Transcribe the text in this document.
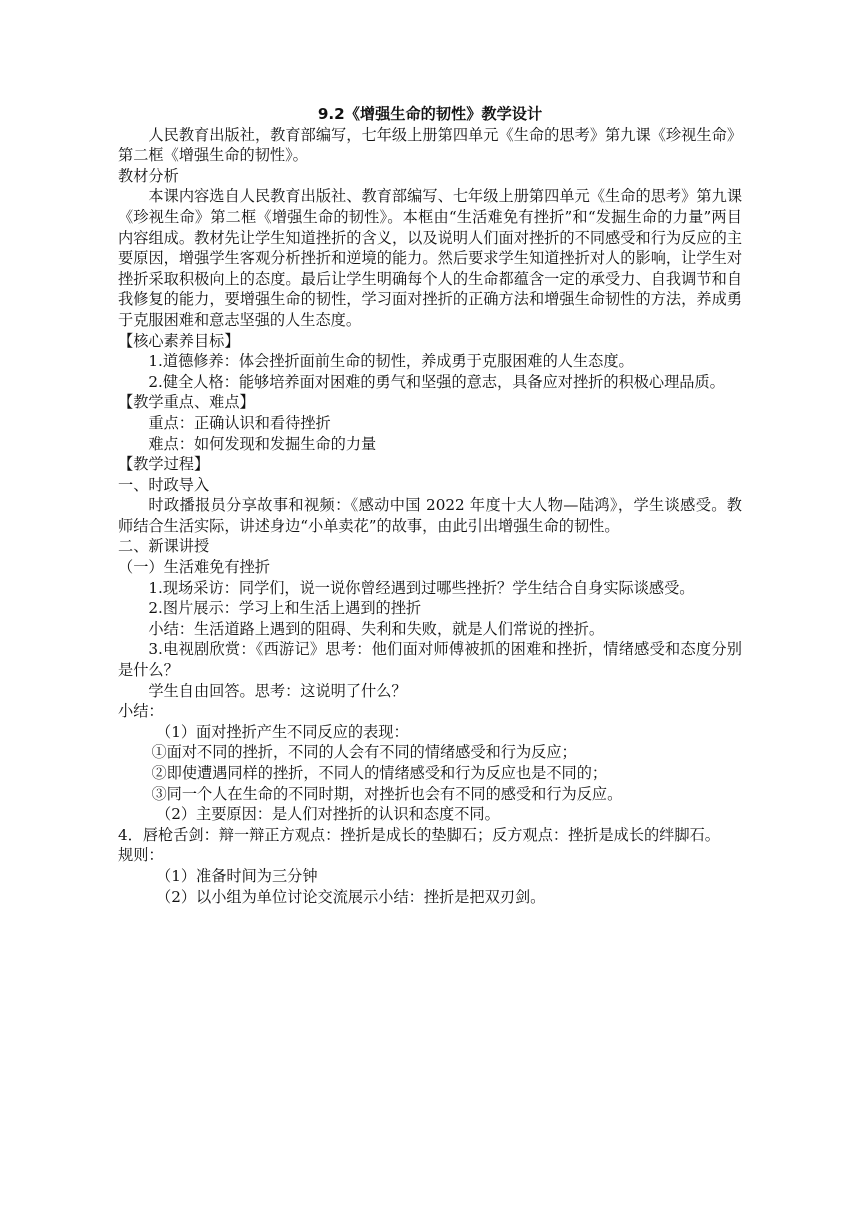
9.2《增强生命的韧性》教学设计

人民教育出版社，教育部编写，七年级上册第四单元《生命的思考》第九课《珍视生命》第二框《增强生命的韧性》。

教材分析

本课内容选自人民教育出版社、教育部编写、七年级上册第四单元《生命的思考》第九课《珍视生命》第二框《增强生命的韧性》。本框由“生活难免有挫折”和“发掘生命的力量”两目内容组成。教材先让学生知道挫折的含义，以及说明人们面对挫折的不同感受和行为反应的主要原因，增强学生客观分析挫折和逆境的能力。然后要求学生知道挫折对人的影响，让学生对挫折采取积极向上的态度。最后让学生明确每个人的生命都蕴含一定的承受力、自我调节和自我修复的能力，要增强生命的韧性，学习面对挫折的正确方法和增强生命韧性的方法，养成勇于克服困难和意志坚强的人生态度。

【核心素养目标】

1.道德修养：体会挫折面前生命的韧性，养成勇于克服困难的人生态度。

2.健全人格：能够培养面对困难的勇气和坚强的意志，具备应对挫折的积极心理品质。

【教学重点、难点】

重点：正确认识和看待挫折

难点：如何发现和发掘生命的力量

【教学过程】

一、时政导入

时政播报员分享故事和视频：《感动中国 2022 年度十大人物—陆鸿》，学生谈感受。教师结合生活实际，讲述身边“小单卖花”的故事，由此引出增强生命的韧性。

二、新课讲授

（一）生活难免有挫折

1.现场采访：同学们，说一说你曾经遇到过哪些挫折？学生结合自身实际谈感受。

2.图片展示：学习上和生活上遇到的挫折

小结：生活道路上遇到的阻碍、失利和失败，就是人们常说的挫折。

3.电视剧欣赏：《西游记》思考：他们面对师傅被抓的困难和挫折，情绪感受和态度分别是什么？

学生自由回答。思考：这说明了什么？

小结：

（1）面对挫折产生不同反应的表现：

①面对不同的挫折，不同的人会有不同的情绪感受和行为反应；

②即使遭遇同样的挫折，不同人的情绪感受和行为反应也是不同的；

③同一个人在生命的不同时期，对挫折也会有不同的感受和行为反应。

（2）主要原因：是人们对挫折的认识和态度不同。

4．唇枪舌剑：辩一辩正方观点：挫折是成长的垫脚石；反方观点：挫折是成长的绊脚石。

规则：

（1）准备时间为三分钟

（2）以小组为单位讨论交流展示小结：挫折是把双刃剑。
